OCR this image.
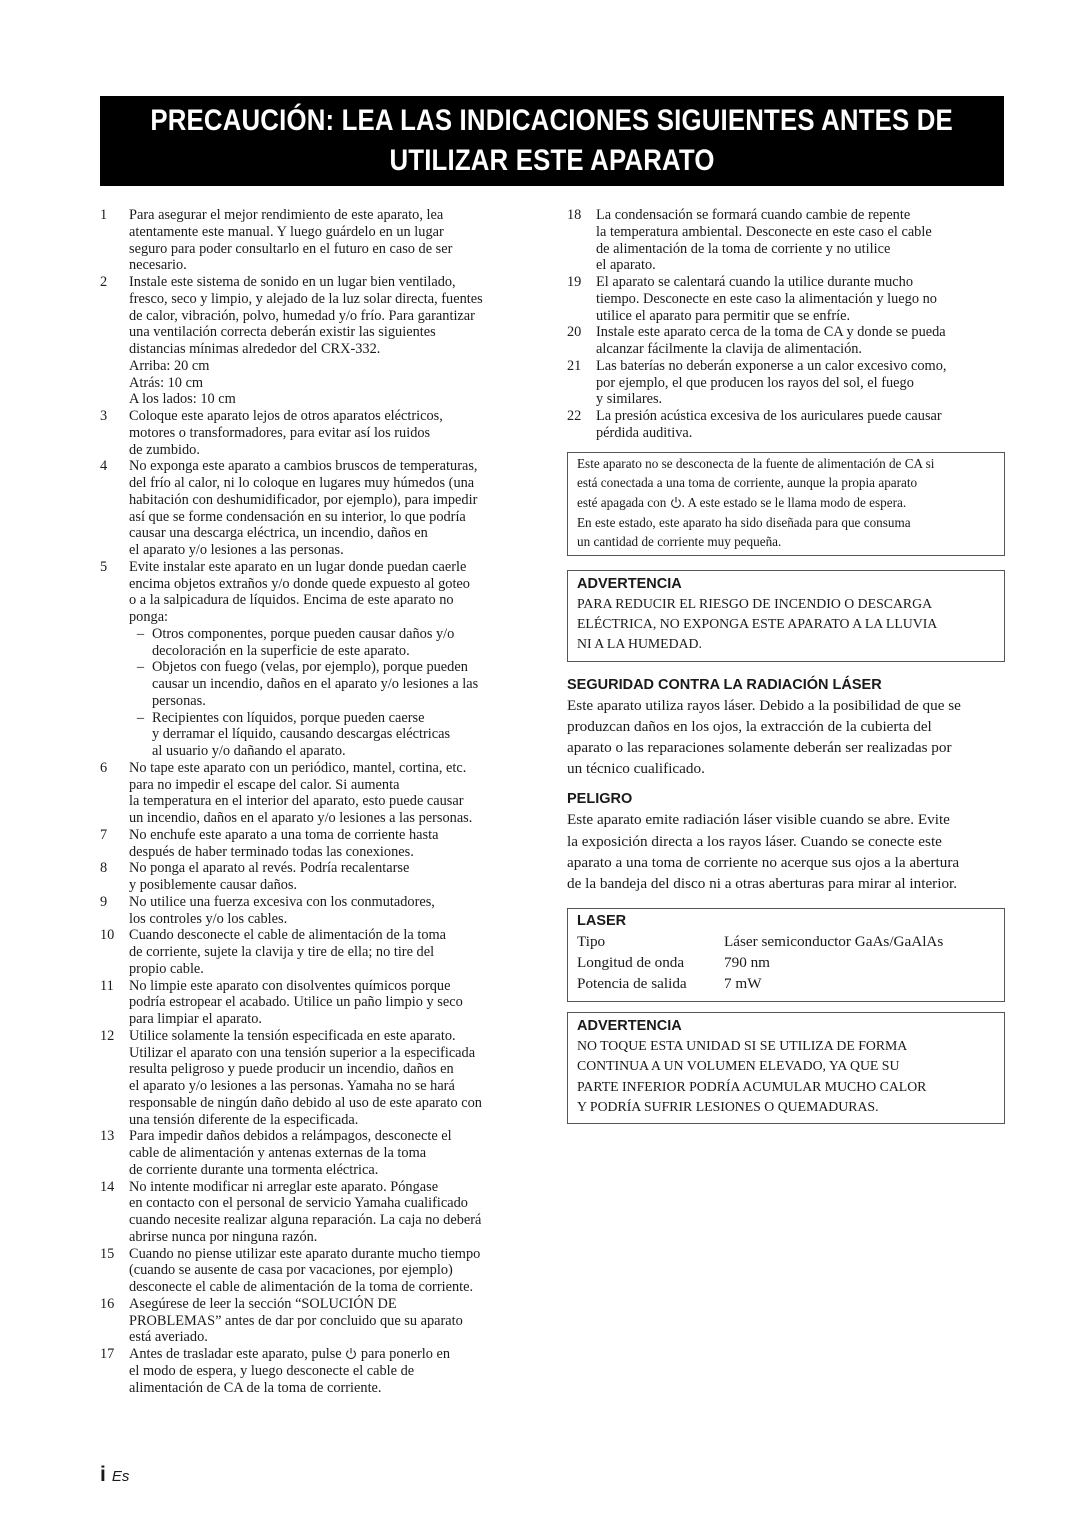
PRECAUCIÓN: LEA LAS INDICACIONES SIGUIENTES ANTES DE
UTILIZAR ESTE APARATO
1	Para asegurar el mejor rendimiento de este aparato, lea
atentamente este manual. Y luego guárdelo en un lugar
seguro para poder consultarlo en el futuro en caso de ser
necesario.
2	Instale este sistema de sonido en un lugar bien ventilado,
fresco, seco y limpio, y alejado de la luz solar directa, fuentes
de calor, vibración, polvo, humedad y/o frío. Para garantizar
una ventilación correcta deberán existir las siguientes
distancias mínimas alrededor del CRX-332.
Arriba: 20 cm
Atrás: 10 cm
A los lados: 10 cm
3	Coloque este aparato lejos de otros aparatos eléctricos,
motores o transformadores, para evitar así los ruidos
de zumbido.
4	No exponga este aparato a cambios bruscos de temperaturas,
del frío al calor, ni lo coloque en lugares muy húmedos (una
habitación con deshumidificador, por ejemplo), para impedir
así que se forme condensación en su interior, lo que podría
causar una descarga eléctrica, un incendio, daños en
el aparato y/o lesiones a las personas.
5	Evite instalar este aparato en un lugar donde puedan caerle
encima objetos extraños y/o donde quede expuesto al goteo
o a la salpicadura de líquidos. Encima de este aparato no
ponga:
– Otros componentes, porque pueden causar daños y/o
decoloración en la superficie de este aparato.
– Objetos con fuego (velas, por ejemplo), porque pueden
causar un incendio, daños en el aparato y/o lesiones a las
personas.
– Recipientes con líquidos, porque pueden caerse
y derramar el líquido, causando descargas eléctricas
al usuario y/o dañando el aparato.
6	No tape este aparato con un periódico, mantel, cortina, etc.
para no impedir el escape del calor. Si aumenta
la temperatura en el interior del aparato, esto puede causar
un incendio, daños en el aparato y/o lesiones a las personas.
7	No enchufe este aparato a una toma de corriente hasta
después de haber terminado todas las conexiones.
8	No ponga el aparato al revés. Podría recalentarse
y posiblemente causar daños.
9	No utilice una fuerza excesiva con los conmutadores,
los controles y/o los cables.
10	Cuando desconecte el cable de alimentación de la toma
de corriente, sujete la clavija y tire de ella; no tire del
propio cable.
11	No limpie este aparato con disolventes químicos porque
podría estropear el acabado. Utilice un paño limpio y seco
para limpiar el aparato.
12	Utilice solamente la tensión especificada en este aparato.
Utilizar el aparato con una tensión superior a la especificada
resulta peligroso y puede producir un incendio, daños en
el aparato y/o lesiones a las personas. Yamaha no se hará
responsable de ningún daño debido al uso de este aparato con
una tensión diferente de la especificada.
13	Para impedir daños debidos a relámpagos, desconecte el
cable de alimentación y antenas externas de la toma
de corriente durante una tormenta eléctrica.
14	No intente modificar ni arreglar este aparato. Póngase
en contacto con el personal de servicio Yamaha cualificado
cuando necesite realizar alguna reparación. La caja no deberá
abrirse nunca por ninguna razón.
15	Cuando no piense utilizar este aparato durante mucho tiempo
(cuando se ausente de casa por vacaciones, por ejemplo)
desconecte el cable de alimentación de la toma de corriente.
16	Asegúrese de leer la sección “SOLUCIÓN DE
PROBLEMAS” antes de dar por concluido que su aparato
está averiado.
17	Antes de trasladar este aparato, pulse para ponerlo en
el modo de espera, y luego desconecte el cable de
alimentación de CA de la toma de corriente.
18	La condensación se formará cuando cambie de repente
la temperatura ambiental. Desconecte en este caso el cable
de alimentación de la toma de corriente y no utilice
el aparato.
19	El aparato se calentará cuando la utilice durante mucho
tiempo. Desconecte en este caso la alimentación y luego no
utilice el aparato para permitir que se enfríe.
20	Instale este aparato cerca de la toma de CA y donde se pueda
alcanzar fácilmente la clavija de alimentación.
21	Las baterías no deberán exponerse a un calor excesivo como,
por ejemplo, el que producen los rayos del sol, el fuego
y similares.
22	La presión acústica excesiva de los auriculares puede causar
pérdida auditiva.
Este aparato no se desconecta de la fuente de alimentación de CA si
está conectada a una toma de corriente, aunque la propia aparato
esté apagada con . A este estado se le llama modo de espera.
En este estado, este aparato ha sido diseñada para que consuma
un cantidad de corriente muy pequeña.
ADVERTENCIA
PARA REDUCIR EL RIESGO DE INCENDIO O DESCARGA
ELÉCTRICA, NO EXPONGA ESTE APARATO A LA LLUVIA
NI A LA HUMEDAD.
SEGURIDAD CONTRA LA RADIACIÓN LÁSER
Este aparato utiliza rayos láser. Debido a la posibilidad de que se
produzcan daños en los ojos, la extracción de la cubierta del
aparato o las reparaciones solamente deberán ser realizadas por
un técnico cualificado.
PELIGRO
Este aparato emite radiación láser visible cuando se abre. Evite
la exposición directa a los rayos láser. Cuando se conecte este
aparato a una toma de corriente no acerque sus ojos a la abertura
de la bandeja del disco ni a otras aberturas para mirar al interior.
LASER
Tipo	Láser semiconductor GaAs/GaAlAs
Longitud de onda	790 nm
Potencia de salida	7 mW
ADVERTENCIA
NO TOQUE ESTA UNIDAD SI SE UTILIZA DE FORMA
CONTINUA A UN VOLUMEN ELEVADO, YA QUE SU
PARTE INFERIOR PODRÍA ACUMULAR MUCHO CALOR
Y PODRÍA SUFRIR LESIONES O QUEMADURAS.
i Es
